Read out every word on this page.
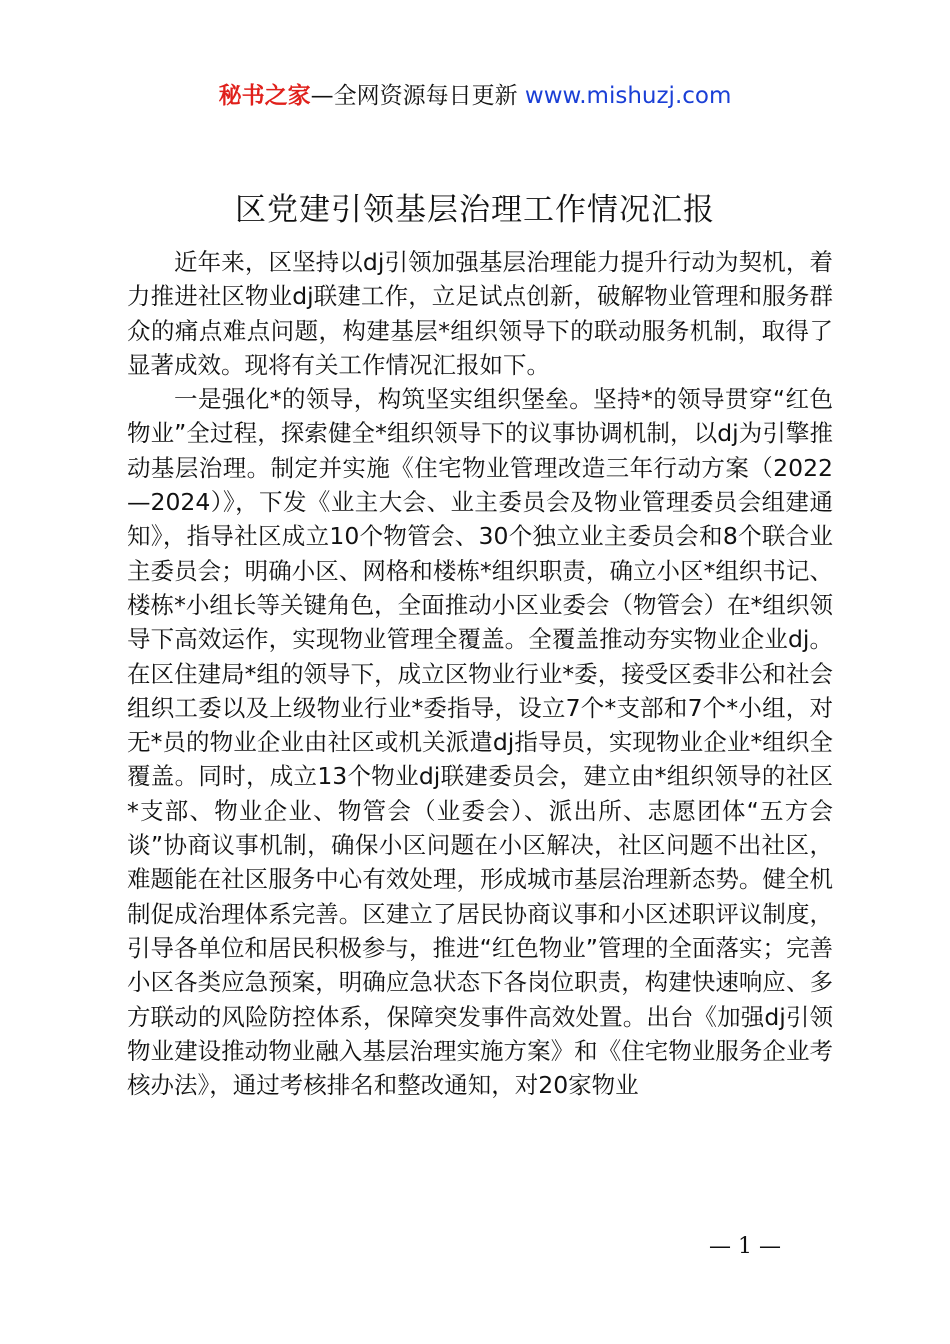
秘书之家—全网资源每日更新 www.mishuzj.com
区党建引领基层治理工作情况汇报

近年来，区坚持以dj引领加强基层治理能力提升行动为契机，着力推进社区物业dj联建工作，立足试点创新，破解物业管理和服务群众的痛点难点问题，构建基层*组织领导下的联动服务机制，取得了显著成效。现将有关工作情况汇报如下。

一是强化*的领导，构筑坚实组织堡垒。坚持*的领导贯穿“红色物业”全过程，探索健全*组织领导下的议事协调机制，以dj为引擎推动基层治理。制定并实施《住宅物业管理改造三年行动方案（2022—2024）》，下发《业主大会、业主委员会及物业管理委员会组建通知》，指导社区成立10个物管会、30个独立业主委员会和8个联合业主委员会；明确小区、网格和楼栋*组织职责，确立小区*组织书记、楼栋*小组长等关键角色，全面推动小区业委会（物管会）在*组织领导下高效运作，实现物业管理全覆盖。全覆盖推动夯实物业企业dj。在区住建局*组的领导下，成立区物业行业*委，接受区委非公和社会组织工委以及上级物业行业*委指导，设立7个*支部和7个*小组，对无*员的物业企业由社区或机关派遣dj指导员，实现物业企业*组织全覆盖。同时，成立13个物业dj联建委员会，建立由*组织领导的社区*支部、物业企业、物管会（业委会）、派出所、志愿团体“五方会谈”协商议事机制，确保小区问题在小区解决，社区问题不出社区，难题能在社区服务中心有效处理，形成城市基层治理新态势。健全机制促成治理体系完善。区建立了居民协商议事和小区述职评议制度，引导各单位和居民积极参与，推进“红色物业”管理的全面落实；完善小区各类应急预案，明确应急状态下各岗位职责，构建快速响应、多方联动的风险防控体系，保障突发事件高效处置。出台《加强dj引领物业建设推动物业融入基层治理实施方案》和《住宅物业服务企业考核办法》，通过考核排名和整改通知，对20家物业

— 1 —
